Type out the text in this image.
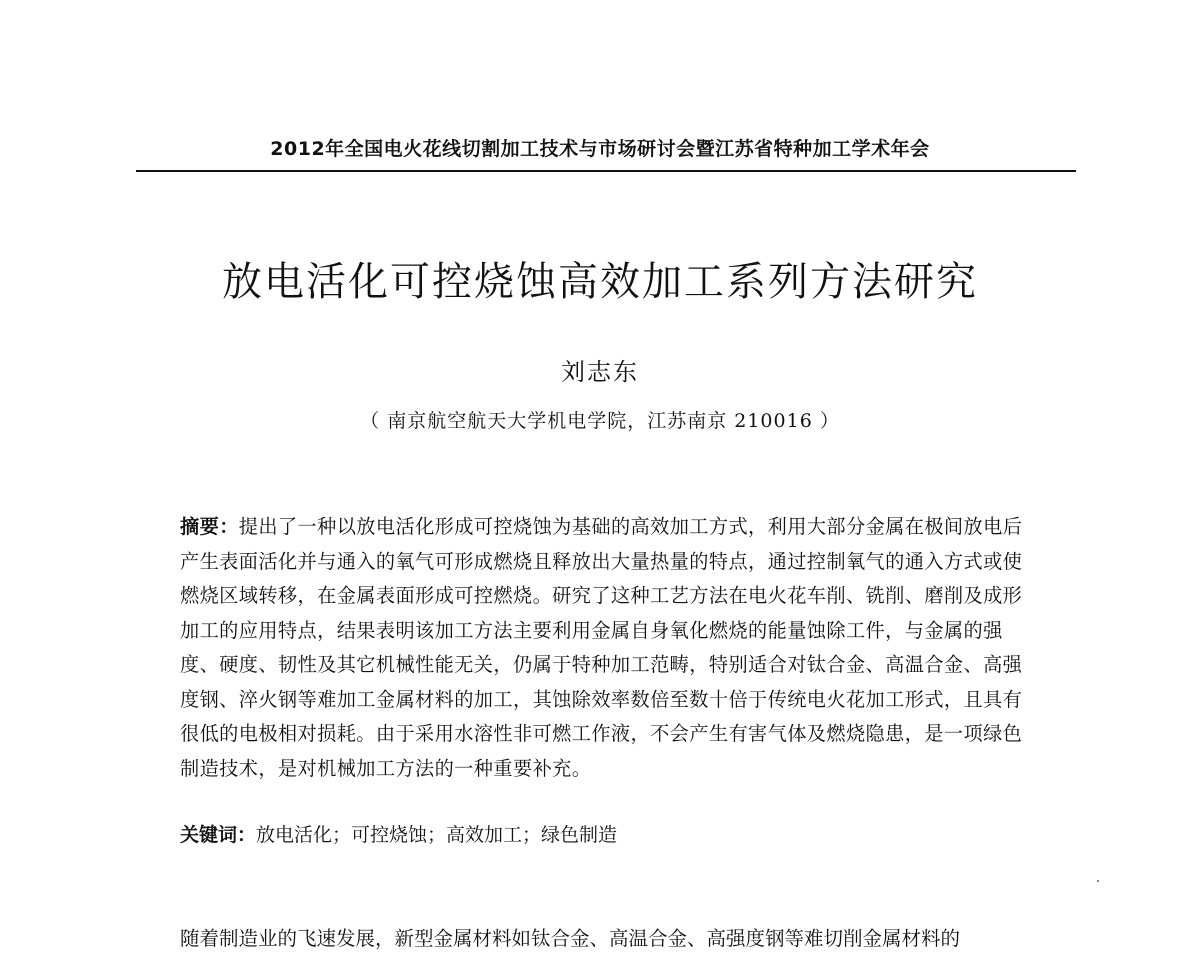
2012年全国电火花线切割加工技术与市场研讨会暨江苏省特种加工学术年会
放电活化可控烧蚀高效加工系列方法研究
刘志东
（ 南京航空航天大学机电学院，江苏南京 210016 ）

摘要：提出了一种以放电活化形成可控烧蚀为基础的高效加工方式，利用大部分金属在极间放电后产生表面活化并与通入的氧气可形成燃烧且释放出大量热量的特点，通过控制氧气的通入方式或使燃烧区域转移，在金属表面形成可控燃烧。研究了这种工艺方法在电火花车削、铣削、磨削及成形加工的应用特点，结果表明该加工方法主要利用金属自身氧化燃烧的能量蚀除工件，与金属的强度、硬度、韧性及其它机械性能无关，仍属于特种加工范畴，特别适合对钛合金、高温合金、高强度钢、淬火钢等难加工金属材料的加工，其蚀除效率数倍至数十倍于传统电火花加工形式，且具有很低的电极相对损耗。由于采用水溶性非可燃工作液，不会产生有害气体及燃烧隐患，是一项绿色制造技术，是对机械加工方法的一种重要补充。

关键词：放电活化；可控烧蚀；高效加工；绿色制造

随着制造业的飞速发展，新型金属材料如钛合金、高温合金、高强度钢等难切削金属材料的
